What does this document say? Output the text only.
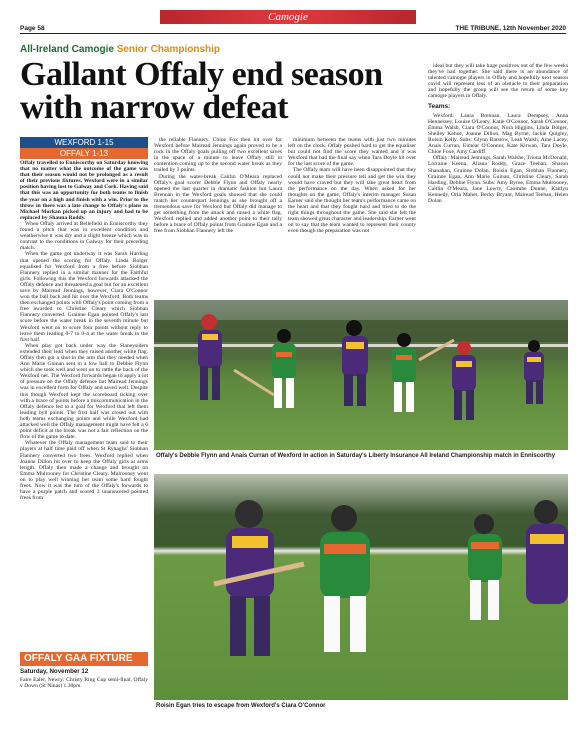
Camogie
Page 58	THE TRIBUNE, 12th November 2020
All-Ireland Camogie Senior Championship
Gallant Offaly end season with narrow defeat
WEXFORD 1-15
OFFALY 1-13

Offaly travelled to Enniscorthy on Saturday knowing that no matter what the outcome of the game was that their season would not be prolonged as a result of their previous fixtures. Wexford were in a similar position having lost to Galway and Cork. Having said that this was an opportunity for both teams to finish the year on a high and finish with a win. Prior to the throw in there was a late change to Offaly's plans as Michael Morkan picked up an injury and had to be replaced by Shauna Roddy.

When Offaly arrived at Bellefield in Enniscorthy they found a pitch that was in excellent condition and weatherwise it was dry and a slight breeze which was in contrast to the conditions in Galway for their preceding match.

When the game got underway it was Sarah Harding that opened the scoring for Offaly. Linda Bolger equalised for Wexford from a free before Siobhan Flannery replied in a similar manner for the Faithful girls. Following this the Wexford forwards attacked the Offaly defence and threatened a goal but for an excellent save by Mairead Jennings, however, Ciara O'Connor won the ball back and hit over the Wexford. Both teams then exchanged points with Offaly's point coming from a free awarded to Christine Cleary which Siobhan Flannery converted. Grainne Egan pointed Offaly's last score before the water break in the seventh minute but Wexford went on to score four points without reply to leave them leading 0-7 to 0-4 at the water break in the first half.

When play got back under way the Slaneysiders extended their lead when they raised another white flag. Offaly then got a shot in the arm that they needed when Ann Marie Guinan sent in a low ball to Debbie Flynn which she took well and went on to rattle the back of the Wexford net. The Wexford forwards began to apply a lot of pressure on the Offaly defence but Mairead Jennings was in excellent form for Offaly and saved well. Despite this though Wexford kept the scoreboard ticking over with a brace of points before a miscommunication in the Offaly defence led to a goal for Wexford that left them leading by8 points. The first half was closed out with both teams exchanging points and while Wexford had attacked well the Offaly management might have felt a 6 point deficit at the break was not a fair reflection on the flow of the game to date.

Whatever the Offaly management team said to their players at half time paid off when St Rynaghs' Siobhan Flannery converted two frees. Wexford replied when Joanne Dillon hit over to keep the Offaly girls at arms length. Offaly then made a change and brought on Emma Mulrooney for Christine Cleary. Mulrooney went on to play well winning her team some hard fought frees. Now it was the turn of the Offaly's forwards to have a purple patch and scored 3 unanswered pointed frees from

the reliable Flannery. Chloe Fox then hit over for Wexford before Mairead Jennings again proved to be a rock in the Offaly goals pulling off two excellent saves in the space of a minute to leave Offaly still in contention coming up to the second water break as they trailed by 3 points.

During the water-break Caitlin O'Meara replaced Offaly's goal scorer Debbie Flynn and Offaly nearly opened the last quarter in dramatic fashion but Laura Brennan in the Wexford goals showed that she could match her counterpart Jennings as she brought off a tremendous save for Wexford but Offaly did manage to get something from the attack and raised a white flag. Wexford replied and added another point to their tally before a brace of Offaly points from Grainne Egan and a free from Siobhan Flannery left the

minimum between the teams with just two minutes left on the clock. Offaly pushed hard to get the equaliser but could not find the score they wanted and it was Wexford that had the final say when Tara Doyle hit over for the last score of the game.

The Offaly team will have been disappointed that they could not make their pressure tell and get the win they would have craved but they will take great heart from the performance on the day. When asked for her thoughts on the game, Offaly's interim manager Susan Earner said she thought her team's performance came on the heart and that they fought hard and tried to do the right things throughout the game. She said she felt the team showed great character and leadership. Earner went on to say that the team wanted to represent their county even though the preparation was not

ideal but they will take huge positives out of the few weeks they've had together. She said there is an abundance of talented camogie players in Offaly and hopefully next season covid will represent less of an obstacle to their preparation and hopefully the group will see the return of some key camogie players in Offaly.

Teams:

Wexford: Laura Brennan, Laura Dempsey, Anna Hennessey, Louise O'Leary, Katie O'Connor, Sarah O'Connor, Emma Walsh, Ciara O'Connor, Nora Higgins, Linda Bolger, Shelley Kehoe, Joanne Dillon, Mag Byrne, Jackie Quigley, Roisin Kelly. Subs: Glynn Barstow, Leah Walsh, Aine Lacey, Anais Curran, Eimear O'Connor, Kate Kirwan, Tara Doyle, Chloe Foxe, Amy Cardiff

Offaly: Mairead Jennings, Sarah Walshe, Triona McDonald, Lorraine Keena, Aliana Roddy, Grace Teehan, Sharon Shanahan, Grainne Dolan, Roisin Egan, Siobhan Flannery, Grainne Egan, Ann Marie Guinan, Christine Cleary, Sarah Harding, Debbie Flynn. Subs: Amy Byrne, Emma Mulrooney, Caitlin O'Meara, Jane Lowry, Caoimhe Dunne, Kaitlyn Kennedy, Orla Maher, Becky Bryant, Mairead Teehan, Helen Dolan

Offaly's Debbie Flynn and Anais Curran of Wexford in action in Saturday's Liberty Insurance All Ireland Championship match in Enniscorthy
Roisin Egan tries to escape from Wexford's Ciara O'Connor
OFFALY GAA FIXTURE
Saturday, November 12
Faire Ealer, Newry: Christy Ring Cup semi-final, Offaly v Down (St Ninas) 1.30pm
